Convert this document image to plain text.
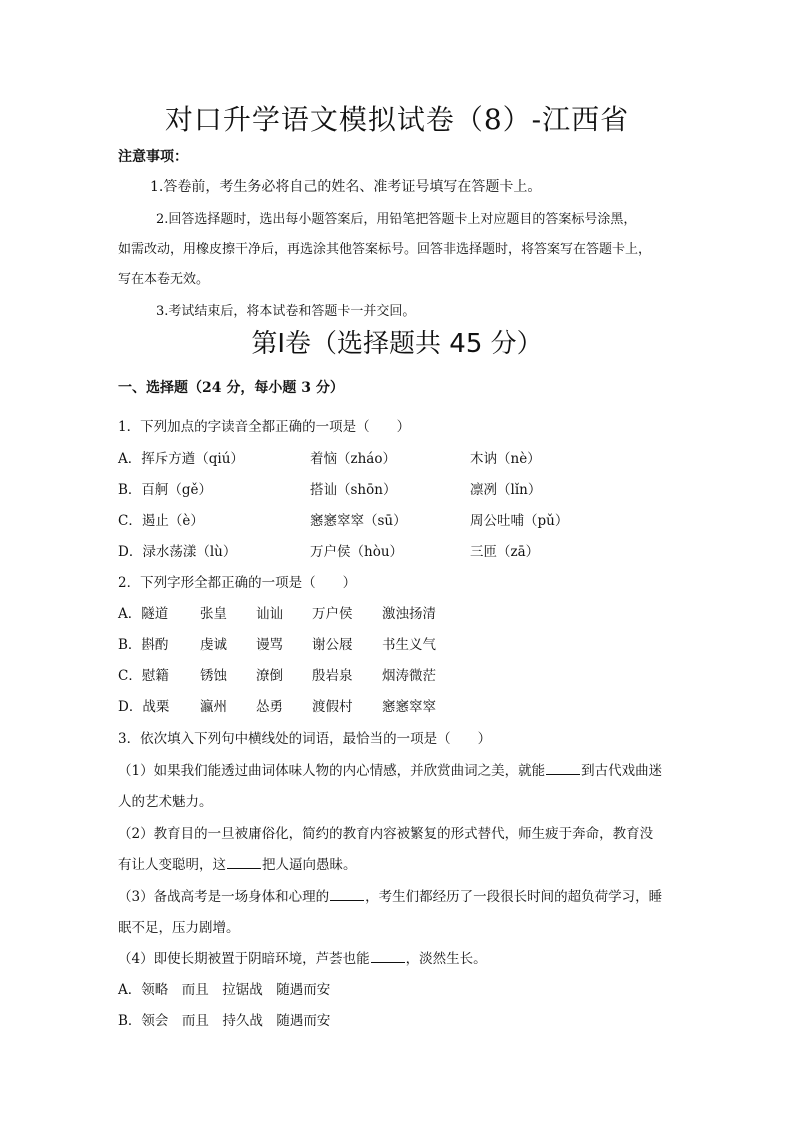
对口升学语文模拟试卷（8）-江西省
注意事项：
1.答卷前，考生务必将自己的姓名、准考证号填写在答题卡上。
2.回答选择题时，选出每小题答案后，用铅笔把答题卡上对应题目的答案标号涂黑，
如需改动，用橡皮擦干净后，再选涂其他答案标号。回答非选择题时，将答案写在答题卡上，
写在本卷无效。
3.考试结束后，将本试卷和答题卡一并交回。
第Ⅰ卷（选择题共 45 分）
一、选择题（24 分，每小题 3 分）
1．下列加点的字读音全都正确的一项是（　　）
A．挥斥方遒（qiú）	着恼（zháo）	木讷（nè）
B．百舸（gě）	搭讪（shōn）	凛冽（lǐn）
C．遏止（è）	窸窸窣窣（sū）	周公吐哺（pǔ）
D．渌水荡漾（lù）	万户侯（hòu）	三匝（zā）
2．下列字形全都正确的一项是（　　）
A．隧道 张皇 讪讪 万户侯 激浊扬清
B．斟酌 虔诚 谩骂 谢公屐 书生义气
C．慰籍 锈蚀 潦倒 殷岩泉 烟涛微茫
D．战栗 瀛州 怂勇 渡假村 窸窸窣窣
3．依次填入下列句中横线处的词语，最恰当的一项是（　　）
（1）如果我们能透过曲词体味人物的内心情感，并欣赏曲词之美，就能	到古代戏曲迷
人的艺术魅力。
（2）教育目的一旦被庸俗化，简约的教育内容被繁复的形式替代，师生疲于奔命，教育没
有让人变聪明，这	把人逼向愚昧。
（3）备战高考是一场身体和心理的	，考生们都经历了一段很长时间的超负荷学习，睡
眠不足，压力剧增。
（4）即使长期被置于阴暗环境，芦荟也能	，淡然生长。
A．领略　而且　拉锯战　随遇而安
B．领会　而且　持久战　随遇而安
